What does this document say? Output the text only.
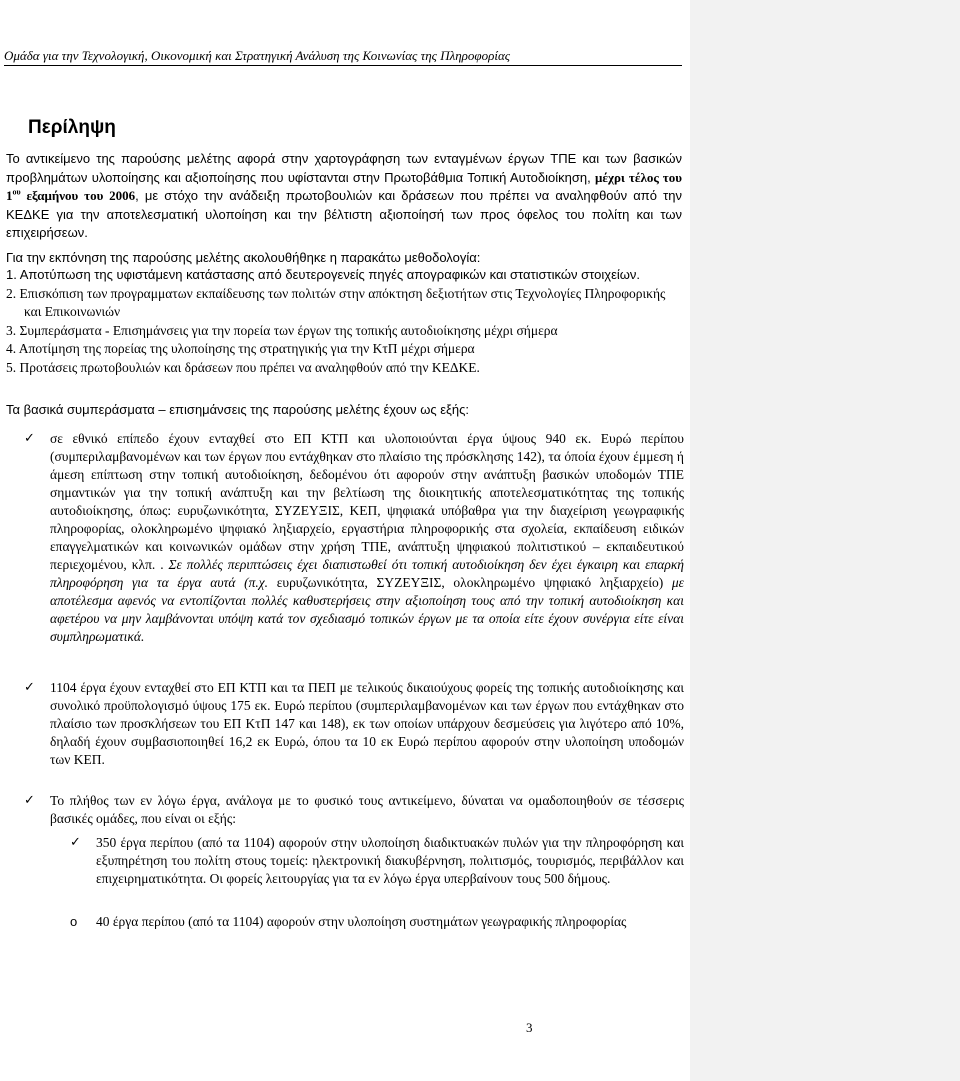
Ομάδα για την Τεχνολογική, Οικονομική και Στρατηγική Ανάλυση της Κοινωνίας της Πληροφορίας
Περίληψη

Το αντικείμενο της παρούσης μελέτης αφορά στην χαρτογράφηση των ενταγμένων έργων ΤΠΕ και των βασικών προβλημάτων υλοποίησης και αξιοποίησης που υφίστανται στην Πρωτοβάθμια Τοπική Αυτοδιοίκηση, μέχρι τέλος του $1^{o\upsilon}$ εξαμήνου του 2006, με στόχο την ανάδειξη πρωτοβουλιών και δράσεων που πρέπει να αναληφθούν από την ΚΕΔΚΕ για την αποτελεσματική υλοποίηση και την βέλτιστη αξιοποίησή των προς όφελος του πολίτη και των επιχειρήσεων.

Για την εκπόνηση της παρούσης μελέτης ακολουθήθηκε η παρακάτω μεθοδολογία:

1. Αποτύπωση της υφιστάμενη κατάστασης από δευτερογενείς πηγές απογραφικών και στατιστικών στοιχείων.
2. Επισκόπιση των προγραμματων εκπαίδευσης των πολιτών στην απόκτηση δεξιοτήτων στις Τεχνολογίες Πληροφορικής και Επικοινωνιών
3. Συμπεράσματα - Επισημάνσεις για την πορεία των έργων της τοπικής αυτοδιοίκησης μέχρι σήμερα
4. Αποτίμηση της πορείας της υλοποίησης της στρατηγικής για την ΚτΠ μέχρι σήμερα
5. Προτάσεις πρωτοβουλιών και δράσεων που πρέπει να αναληφθούν από την ΚΕΔΚΕ.

Τα βασικά συμπεράσματα – επισημάνσεις της παρούσης μελέτης έχουν ως εξής:

✓	σε εθνικό επίπεδο έχουν ενταχθεί στο ΕΠ ΚΤΠ και υλοποιούνται έργα ύψους 940 εκ. Ευρώ περίπου (συμπεριλαμβανομένων και των έργων που εντάχθηκαν στο πλαίσιο της πρόσκλησης 142), τα όποία έχουν έμμεση ή άμεση επίπτωση στην τοπική αυτοδιοίκηση, δεδομένου ότι αφορούν στην ανάπτυξη βασικών υποδομών ΤΠΕ σημαντικών για την τοπική ανάπτυξη και την βελτίωση της διοικητικής αποτελεσματικότητας της τοπικής αυτοδιοίκησης, όπως: ευρυζωνικότητα, ΣΥΖΕΥΞΙΣ, ΚΕΠ, ψηφιακά υπόβαθρα για την διαχείριση γεωγραφικής πληροφορίας, ολοκληρωμένο ψηφιακό ληξιαρχείο, εργαστήρια πληροφορικής στα σχολεία, εκπαίδευση ειδικών επαγγελματικών και κοινωνικών ομάδων στην χρήση ΤΠΕ, ανάπτυξη ψηφιακού πολιτιστικού – εκπαιδευτικού περιεχομένου, κλπ. . Σε πολλές περιπτώσεις έχει διαπιστωθεί ότι τοπική αυτοδιοίκηση δεν έχει έγκαιρη και επαρκή πληροφόρηση για τα έργα αυτά (π.χ. ευρυζωνικότητα, ΣΥΖΕΥΞΙΣ, ολοκληρωμένο ψηφιακό ληξιαρχείο) με αποτέλεσμα αφενός να εντοπίζονται πολλές καθυστερήσεις στην αξιοποίηση τους από την τοπική αυτοδιοίκηση και αφετέρου να μην λαμβάνονται υπόψη κατά τον σχεδιασμό τοπικών έργων με τα οποία είτε έχουν συνέργια είτε είναι συμπληρωματικά.

✓	1104 έργα έχουν ενταχθεί στο ΕΠ ΚΤΠ και τα ΠΕΠ με τελικούς δικαιούχους φορείς της τοπικής αυτοδιοίκησης και συνολικό προϋπολογισμό ύψους 175 εκ. Ευρώ περίπου (συμπεριλαμβανομένων και των έργων που εντάχθηκαν στο πλαίσιο των προσκλήσεων του ΕΠ ΚτΠ 147 και 148), εκ των οποίων υπάρχουν δεσμεύσεις για λιγότερο από 10%, δηλαδή έχουν συμβασιοποιηθεί 16,2 εκ Ευρώ, όπου τα 10 εκ Ευρώ περίπου αφορούν στην υλοποίηση υποδομών των ΚΕΠ.

✓	Το πλήθος των εν λόγω έργα, ανάλογα με το φυσικό τους αντικείμενο, δύναται να ομαδοποιηθούν σε τέσσερις βασικές ομάδες, που είναι οι εξής:

✓	350 έργα περίπου (από τα 1104) αφορούν στην υλοποίηση διαδικτυακών πυλών για την πληροφόρηση και εξυπηρέτηση του πολίτη στους τομείς: ηλεκτρονική διακυβέρνηση, πολιτισμός, τουρισμός, περιβάλλον και επιχειρηματικότητα. Οι φορείς λειτουργίας για τα εν λόγω έργα υπερβαίνουν τους 500 δήμους.

o	40 έργα περίπου (από τα 1104) αφορούν στην υλοποίηση συστημάτων γεωγραφικής πληροφορίας

3
